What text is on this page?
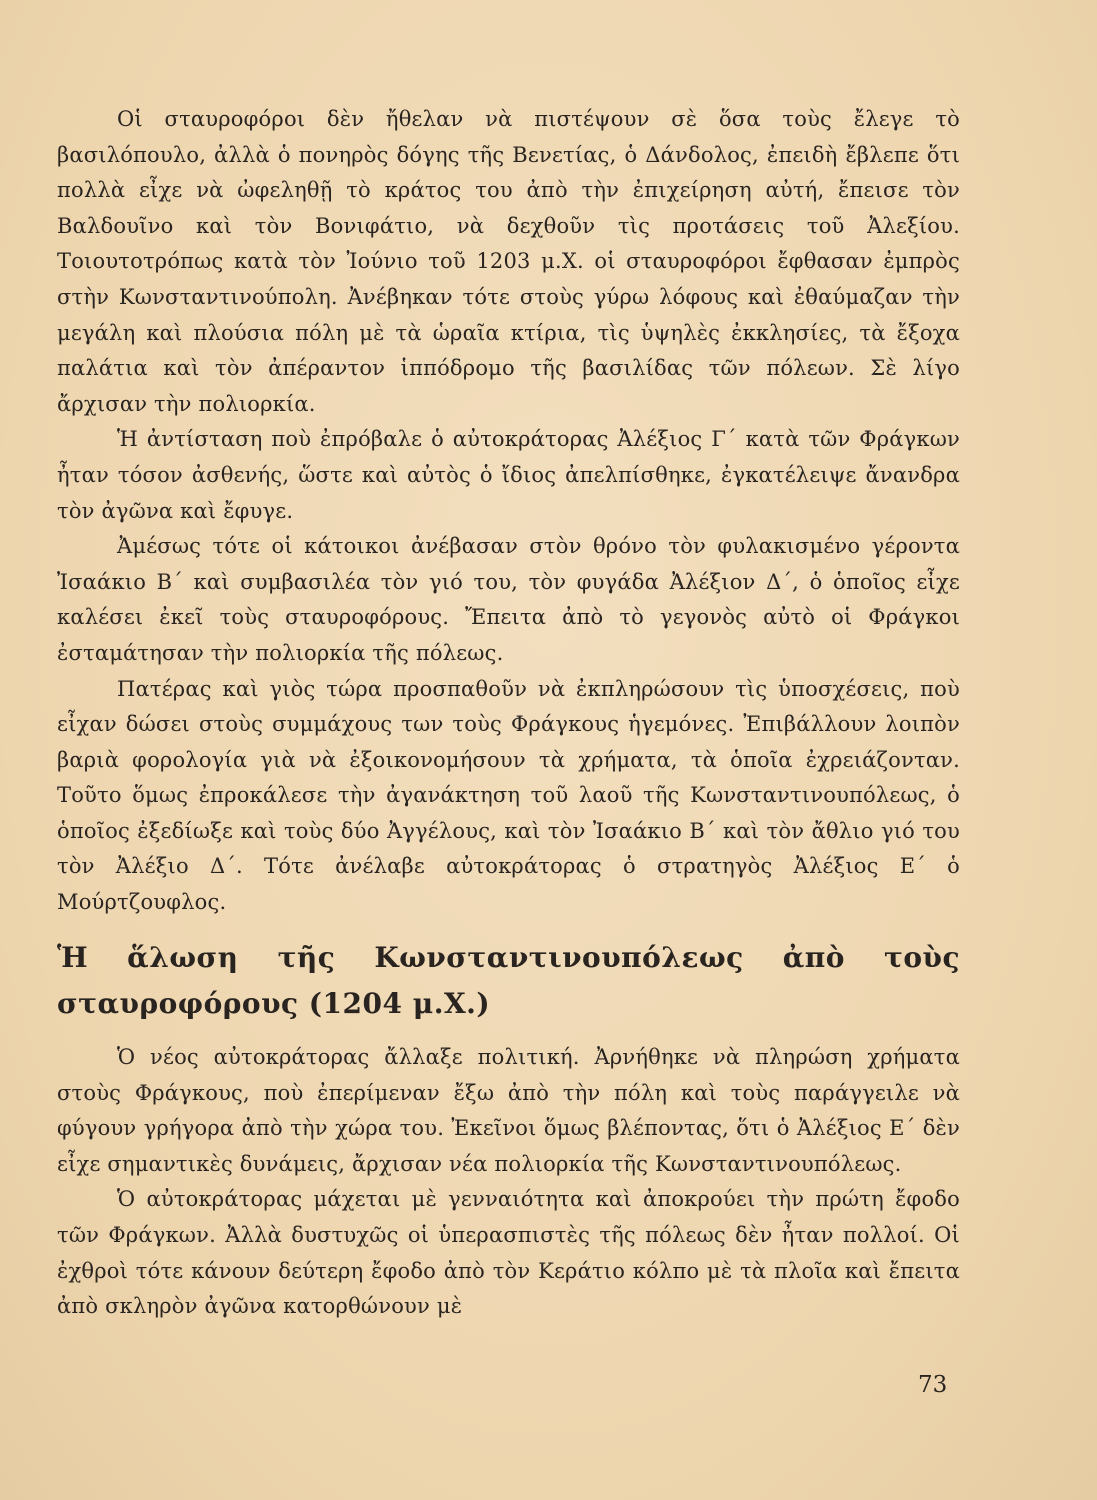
Οἱ σταυροφόροι δὲν ἤθελαν νὰ πιστέψουν σὲ ὅσα τοὺς ἔλεγε τὸ βασιλόπουλο, ἀλλὰ ὁ πονηρὸς δόγης τῆς Βενετίας, ὁ Δάνδολος, ἐπειδὴ ἔβλεπε ὅτι πολλὰ εἶχε νὰ ὠφεληθῇ τὸ κράτος του ἀπὸ τὴν ἐπιχείρηση αὐτή, ἔπεισε τὸν Βαλδουῖνο καὶ τὸν Βονιφάτιο, νὰ δεχθοῦν τὶς προτάσεις τοῦ Ἀλεξίου. Τοιουτοτρόπως κατὰ τὸν Ἰούνιο τοῦ 1203 μ.Χ. οἱ σταυροφόροι ἔφθασαν ἐμπρὸς στὴν Κωνσταντινούπολη. Ἀνέβηκαν τότε στοὺς γύρω λόφους καὶ ἐθαύμαζαν τὴν μεγάλη καὶ πλούσια πόλη μὲ τὰ ὡραῖα κτίρια, τὶς ὑψηλὲς ἐκκλησίες, τὰ ἔξοχα παλάτια καὶ τὸν ἀπέραντον ἱππόδρομο τῆς βασιλίδας τῶν πόλεων. Σὲ λίγο ἄρχισαν τὴν πολιορκία.

Ἡ ἀντίσταση ποὺ ἐπρόβαλε ὁ αὐτοκράτορας Ἀλέξιος Γ΄ κατὰ τῶν Φράγκων ἦταν τόσον ἀσθενής, ὥστε καὶ αὐτὸς ὁ ἴδιος ἀπελπίσθηκε, ἐγκατέλειψε ἄνανδρα τὸν ἀγῶνα καὶ ἔφυγε.

Ἀμέσως τότε οἱ κάτοικοι ἀνέβασαν στὸν θρόνο τὸν φυλακισμένο γέροντα Ἰσαάκιο Β΄ καὶ συμβασιλέα τὸν γιό του, τὸν φυγάδα Ἀλέξιον Δ΄, ὁ ὁποῖος εἶχε καλέσει ἐκεῖ τοὺς σταυροφόρους. Ἔπειτα ἀπὸ τὸ γεγονὸς αὐτὸ οἱ Φράγκοι ἐσταμάτησαν τὴν πολιορκία τῆς πόλεως.

Πατέρας καὶ γιὸς τώρα προσπαθοῦν νὰ ἐκπληρώσουν τὶς ὑποσχέσεις, ποὺ εἶχαν δώσει στοὺς συμμάχους των τοὺς Φράγκους ἡγεμόνες. Ἐπιβάλλουν λοιπὸν βαριὰ φορολογία γιὰ νὰ ἐξοικονομήσουν τὰ χρήματα, τὰ ὁποῖα ἐχρειάζονταν. Τοῦτο ὅμως ἐπροκάλεσε τὴν ἀγανάκτηση τοῦ λαοῦ τῆς Κωνσταντινουπόλεως, ὁ ὁποῖος ἐξεδίωξε καὶ τοὺς δύο Ἀγγέλους, καὶ τὸν Ἰσαάκιο Β΄ καὶ τὸν ἄθλιο γιό του τὸν Ἀλέξιο Δ΄. Τότε ἀνέλαβε αὐτοκράτορας ὁ στρατηγὸς Ἀλέξιος Ε΄ ὁ Μούρτζουφλος.

Ἡ ἅλωση τῆς Κωνσταντινουπόλεως ἀπὸ τοὺς σταυροφόρους (1204 μ.Χ.)

Ὁ νέος αὐτοκράτορας ἄλλαξε πολιτική. Ἀρνήθηκε νὰ πληρώση χρήματα στοὺς Φράγκους, ποὺ ἐπερίμεναν ἔξω ἀπὸ τὴν πόλη καὶ τοὺς παράγγειλε νὰ φύγουν γρήγορα ἀπὸ τὴν χώρα του. Ἐκεῖνοι ὅμως βλέποντας, ὅτι ὁ Ἀλέξιος Ε΄ δὲν εἶχε σημαντικὲς δυνάμεις, ἄρχισαν νέα πολιορκία τῆς Κωνσταντινουπόλεως.

Ὁ αὐτοκράτορας μάχεται μὲ γενναιότητα καὶ ἀποκρούει τὴν πρώτη ἔφοδο τῶν Φράγκων. Ἀλλὰ δυστυχῶς οἱ ὑπερασπιστὲς τῆς πόλεως δὲν ἦταν πολλοί. Οἱ ἐχθροὶ τότε κάνουν δεύτερη ἔφοδο ἀπὸ τὸν Κεράτιο κόλπο μὲ τὰ πλοῖα καὶ ἔπειτα ἀπὸ σκληρὸν ἀγῶνα κατορθώνουν μὲ

73
